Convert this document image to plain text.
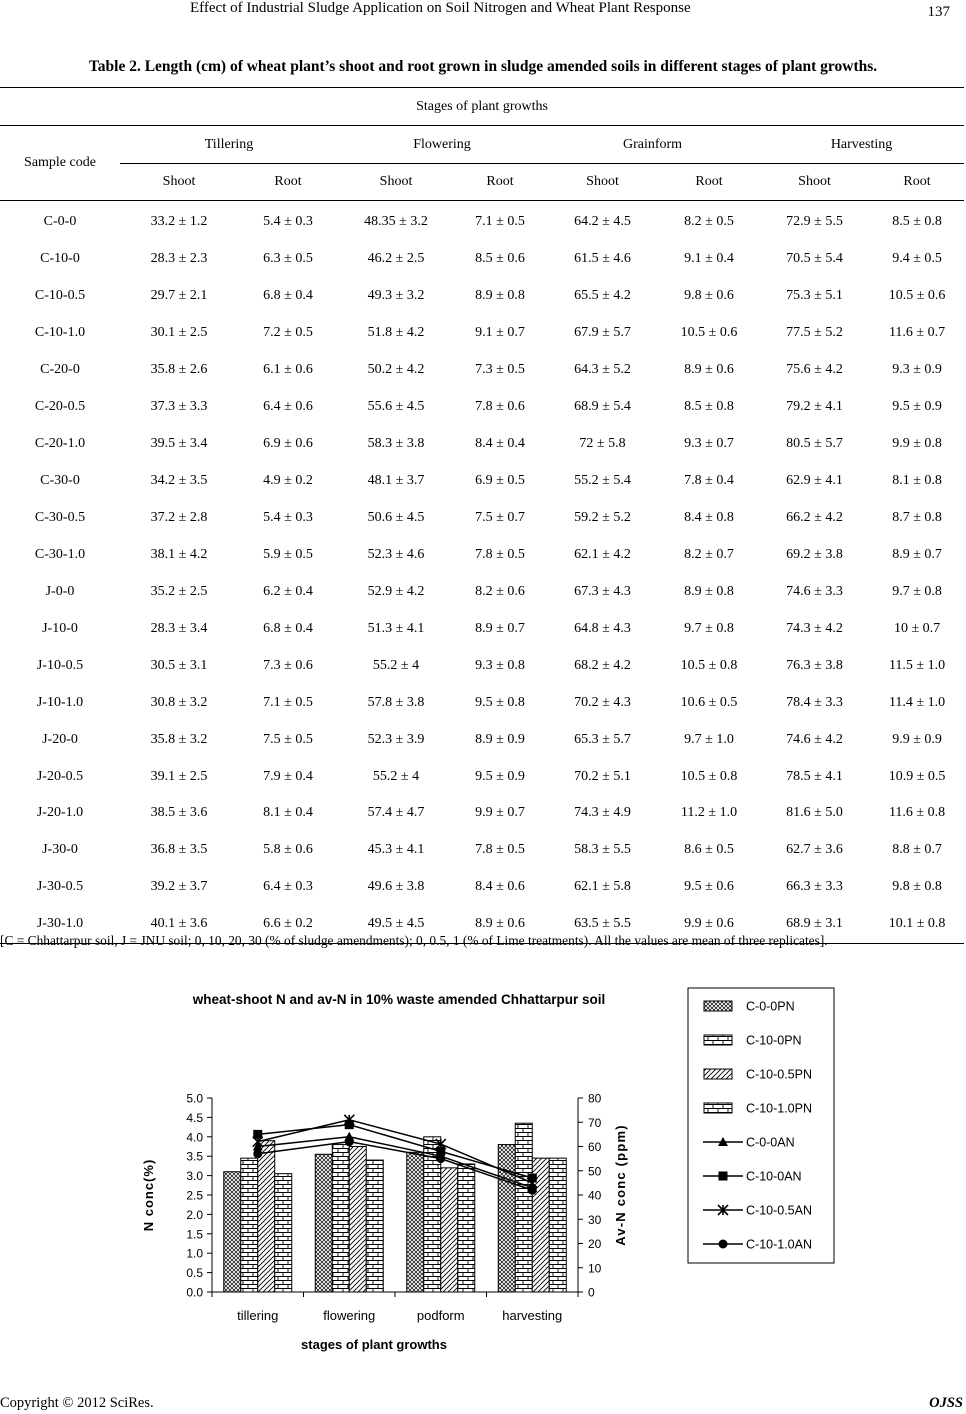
Effect of Industrial Sludge Application on Soil Nitrogen and Wheat Plant Response	137
Table 2. Length (cm) of wheat plant’s shoot and root grown in sludge amended soils in different stages of plant growths.
Stages of plant growths								
Sample code	Tillering		Flowering		Grainform		Harvesting	
	Shoot	Root	Shoot	Root	Shoot	Root	Shoot	Root
C-0-0	33.2 ± 1.2	5.4 ± 0.3	48.35 ± 3.2	7.1 ± 0.5	64.2 ± 4.5	8.2 ± 0.5	72.9 ± 5.5	8.5 ± 0.8
C-10-0	28.3 ± 2.3	6.3 ± 0.5	46.2 ± 2.5	8.5 ± 0.6	61.5 ± 4.6	9.1 ± 0.4	70.5 ± 5.4	9.4 ± 0.5
C-10-0.5	29.7 ± 2.1	6.8 ± 0.4	49.3 ± 3.2	8.9 ± 0.8	65.5 ± 4.2	9.8 ± 0.6	75.3 ± 5.1	10.5 ± 0.6
C-10-1.0	30.1 ± 2.5	7.2 ± 0.5	51.8 ± 4.2	9.1 ± 0.7	67.9 ± 5.7	10.5 ± 0.6	77.5 ± 5.2	11.6 ± 0.7
C-20-0	35.8 ± 2.6	6.1 ± 0.6	50.2 ± 4.2	7.3 ± 0.5	64.3 ± 5.2	8.9 ± 0.6	75.6 ± 4.2	9.3 ± 0.9
C-20-0.5	37.3 ± 3.3	6.4 ± 0.6	55.6 ± 4.5	7.8 ± 0.6	68.9 ± 5.4	8.5 ± 0.8	79.2 ± 4.1	9.5 ± 0.9
C-20-1.0	39.5 ± 3.4	6.9 ± 0.6	58.3 ± 3.8	8.4 ± 0.4	72 ± 5.8	9.3 ± 0.7	80.5 ± 5.7	9.9 ± 0.8
C-30-0	34.2 ± 3.5	4.9 ± 0.2	48.1 ± 3.7	6.9 ± 0.5	55.2 ± 5.4	7.8 ± 0.4	62.9 ± 4.1	8.1 ± 0.8
C-30-0.5	37.2 ± 2.8	5.4 ± 0.3	50.6 ± 4.5	7.5 ± 0.7	59.2 ± 5.2	8.4 ± 0.8	66.2 ± 4.2	8.7 ± 0.8
C-30-1.0	38.1 ± 4.2	5.9 ± 0.5	52.3 ± 4.6	7.8 ± 0.5	62.1 ± 4.2	8.2 ± 0.7	69.2 ± 3.8	8.9 ± 0.7
J-0-0	35.2 ± 2.5	6.2 ± 0.4	52.9 ± 4.2	8.2 ± 0.6	67.3 ± 4.3	8.9 ± 0.8	74.6 ± 3.3	9.7 ± 0.8
J-10-0	28.3 ± 3.4	6.8 ± 0.4	51.3 ± 4.1	8.9 ± 0.7	64.8 ± 4.3	9.7 ± 0.8	74.3 ± 4.2	10 ± 0.7
J-10-0.5	30.5 ± 3.1	7.3 ± 0.6	55.2 ± 4	9.3 ± 0.8	68.2 ± 4.2	10.5 ± 0.8	76.3 ± 3.8	11.5 ± 1.0
J-10-1.0	30.8 ± 3.2	7.1 ± 0.5	57.8 ± 3.8	9.5 ± 0.8	70.2 ± 4.3	10.6 ± 0.5	78.4 ± 3.3	11.4 ± 1.0
J-20-0	35.8 ± 3.2	7.5 ± 0.5	52.3 ± 3.9	8.9 ± 0.9	65.3 ± 5.7	9.7 ± 1.0	74.6 ± 4.2	9.9 ± 0.9
J-20-0.5	39.1 ± 2.5	7.9 ± 0.4	55.2 ± 4	9.5 ± 0.9	70.2 ± 5.1	10.5 ± 0.8	78.5 ± 4.1	10.9 ± 0.5
J-20-1.0	38.5 ± 3.6	8.1 ± 0.4	57.4 ± 4.7	9.9 ± 0.7	74.3 ± 4.9	11.2 ± 1.0	81.6 ± 5.0	11.6 ± 0.8
J-30-0	36.8 ± 3.5	5.8 ± 0.6	45.3 ± 4.1	7.8 ± 0.5	58.3 ± 5.5	8.6 ± 0.5	62.7 ± 3.6	8.8 ± 0.7
J-30-0.5	39.2 ± 3.7	6.4 ± 0.3	49.6 ± 3.8	8.4 ± 0.6	62.1 ± 5.8	9.5 ± 0.6	66.3 ± 3.3	9.8 ± 0.8
J-30-1.0	40.1 ± 3.6	6.6 ± 0.2	49.5 ± 4.5	8.9 ± 0.6	63.5 ± 5.5	9.9 ± 0.6	68.9 ± 3.1	10.1 ± 0.8
[C = Chhattarpur soil, J = JNU soil; 0, 10, 20, 30 (% of sludge amendments); 0, 0.5, 1 (% of Lime treatments). All the values are mean of three replicates].
0.0
0.5
1.0
1.5
2.0
2.5
3.0
3.5
4.0
4.5
5.0
0
10
20
30
40
50
60
70
80
tillering	flowering	podform	harvesting
wheat-shoot N and av-N in 10% waste amended Chhattarpur soil
stages of plant growths
N conc(%)	Av-N conc (ppm)
C-0-0PN
C-10-0PN
C-10-0.5PN
C-10-1.0PN
C-0-0AN
C-10-0AN
C-10-0.5AN
C-10-1.0AN
Copyright © 2012 SciRes.	OJSS
